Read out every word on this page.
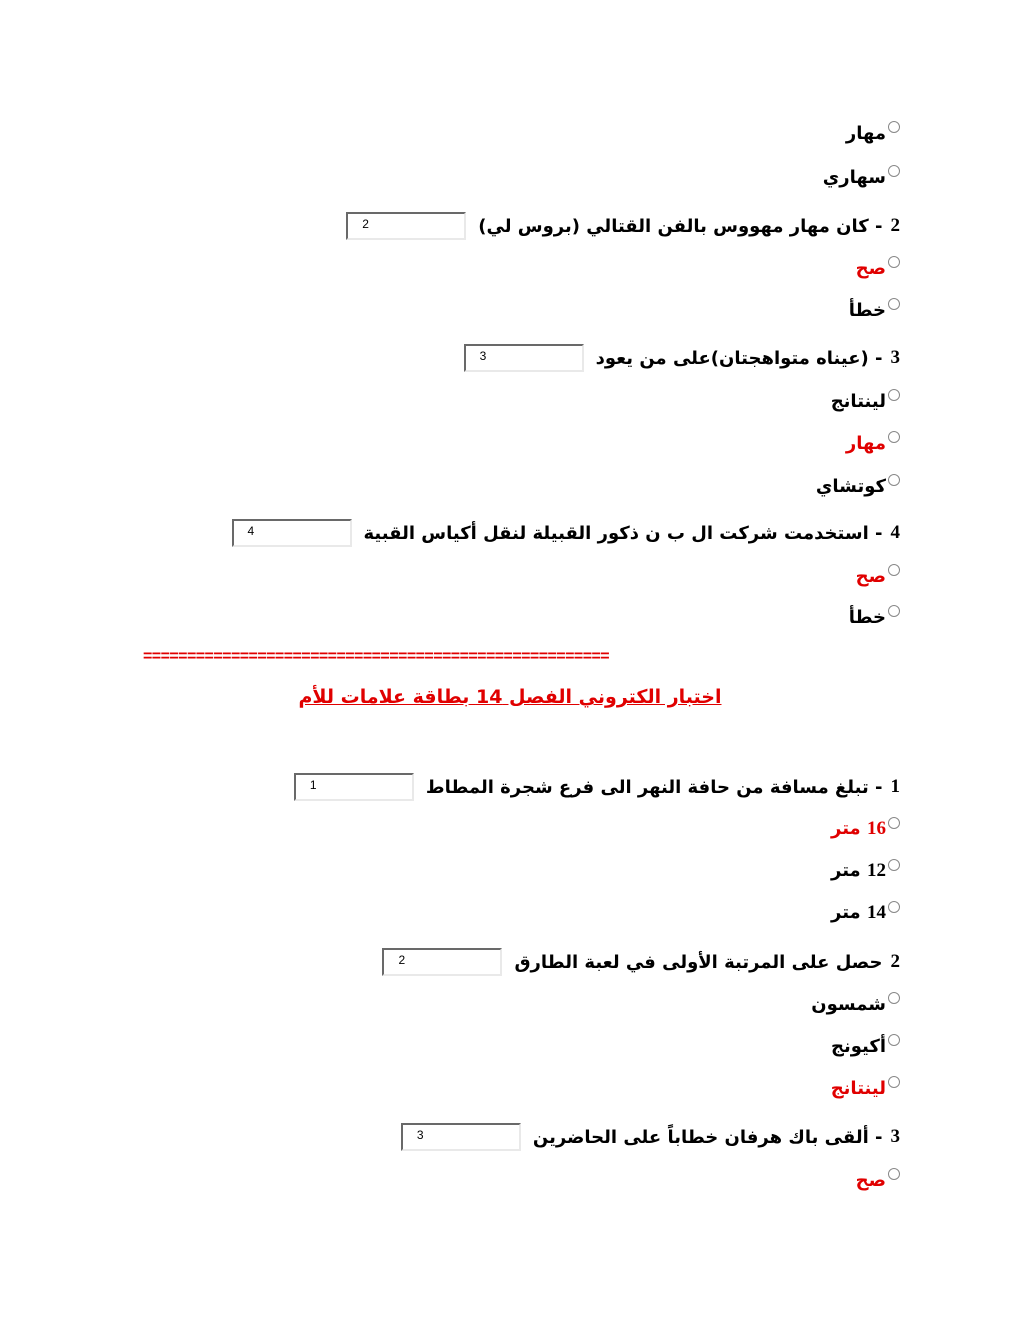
مهار
سهاري
2
- كان مهار مهووس بالفن القتالي (بروس لي)
2
صح
خطأ
3
- (عيناه متواهجتان)على من يعود
3
لينتانج
مهار
كوتشاي
4
- استخدمت شركت ال ب ن ذكور القبيلة لنقل أكياس القبية
4
صح
خطأ
=====================================================
اختبار الكتروني الفصل 14 بطاقة علامات للأم
1
- تبلغ مسافة من حافة النهر الى فرع شجرة المطاط
1
16 متر
12 متر
14 متر
2
حصل على المرتبة الأولى في لعبة الطارق
2
شمسون
أكيونج
لينتانج
3
- ألقى باك هرفان خطاباً على الحاضرين
3
صح
